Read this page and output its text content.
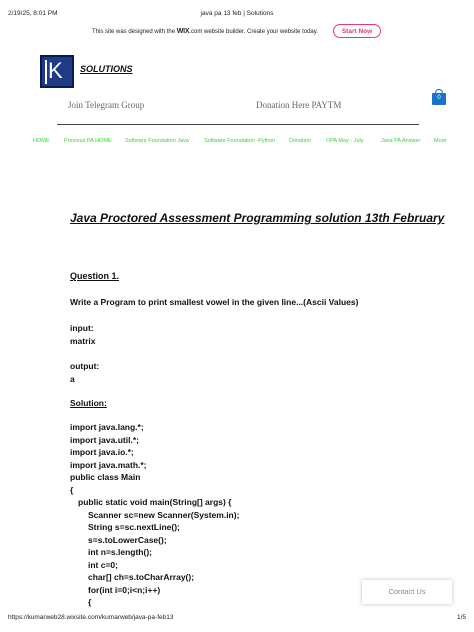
2/19/25, 8:01 PM	java pa 13 feb | Solutions
This site was designed with the WIX.com website builder. Create your website today.	Start Now
K SOLUTIONS
0
Join Telegram Group	Donation Here PAYTM
HOME	Previous PA HOME Software Foundation Java	Software Foundation -Python	Donation	OPA May - July	Java PA Answer More
Java Proctored Assessment Programming solution 13th February
Question 1.
Write a Program to print smallest vowel in the given line...(Ascii Values)
input:
matrix
output:
a
Solution:
import java.lang.*;
import java.util.*;
import java.io.*;
import java.math.*;
public class Main
{
public static void main(String[] args) {
Scanner sc=new Scanner(System.in);
String s=sc.nextLine();
s=s.toLowerCase();
int n=s.length();
int c=0;
char[] ch=s.toCharArray();
for(int i=0;i<n;i++)
{
Contact Us
https://kumarweb28.wixsite.com/kumarweb/java-pa-feb13	1/5
